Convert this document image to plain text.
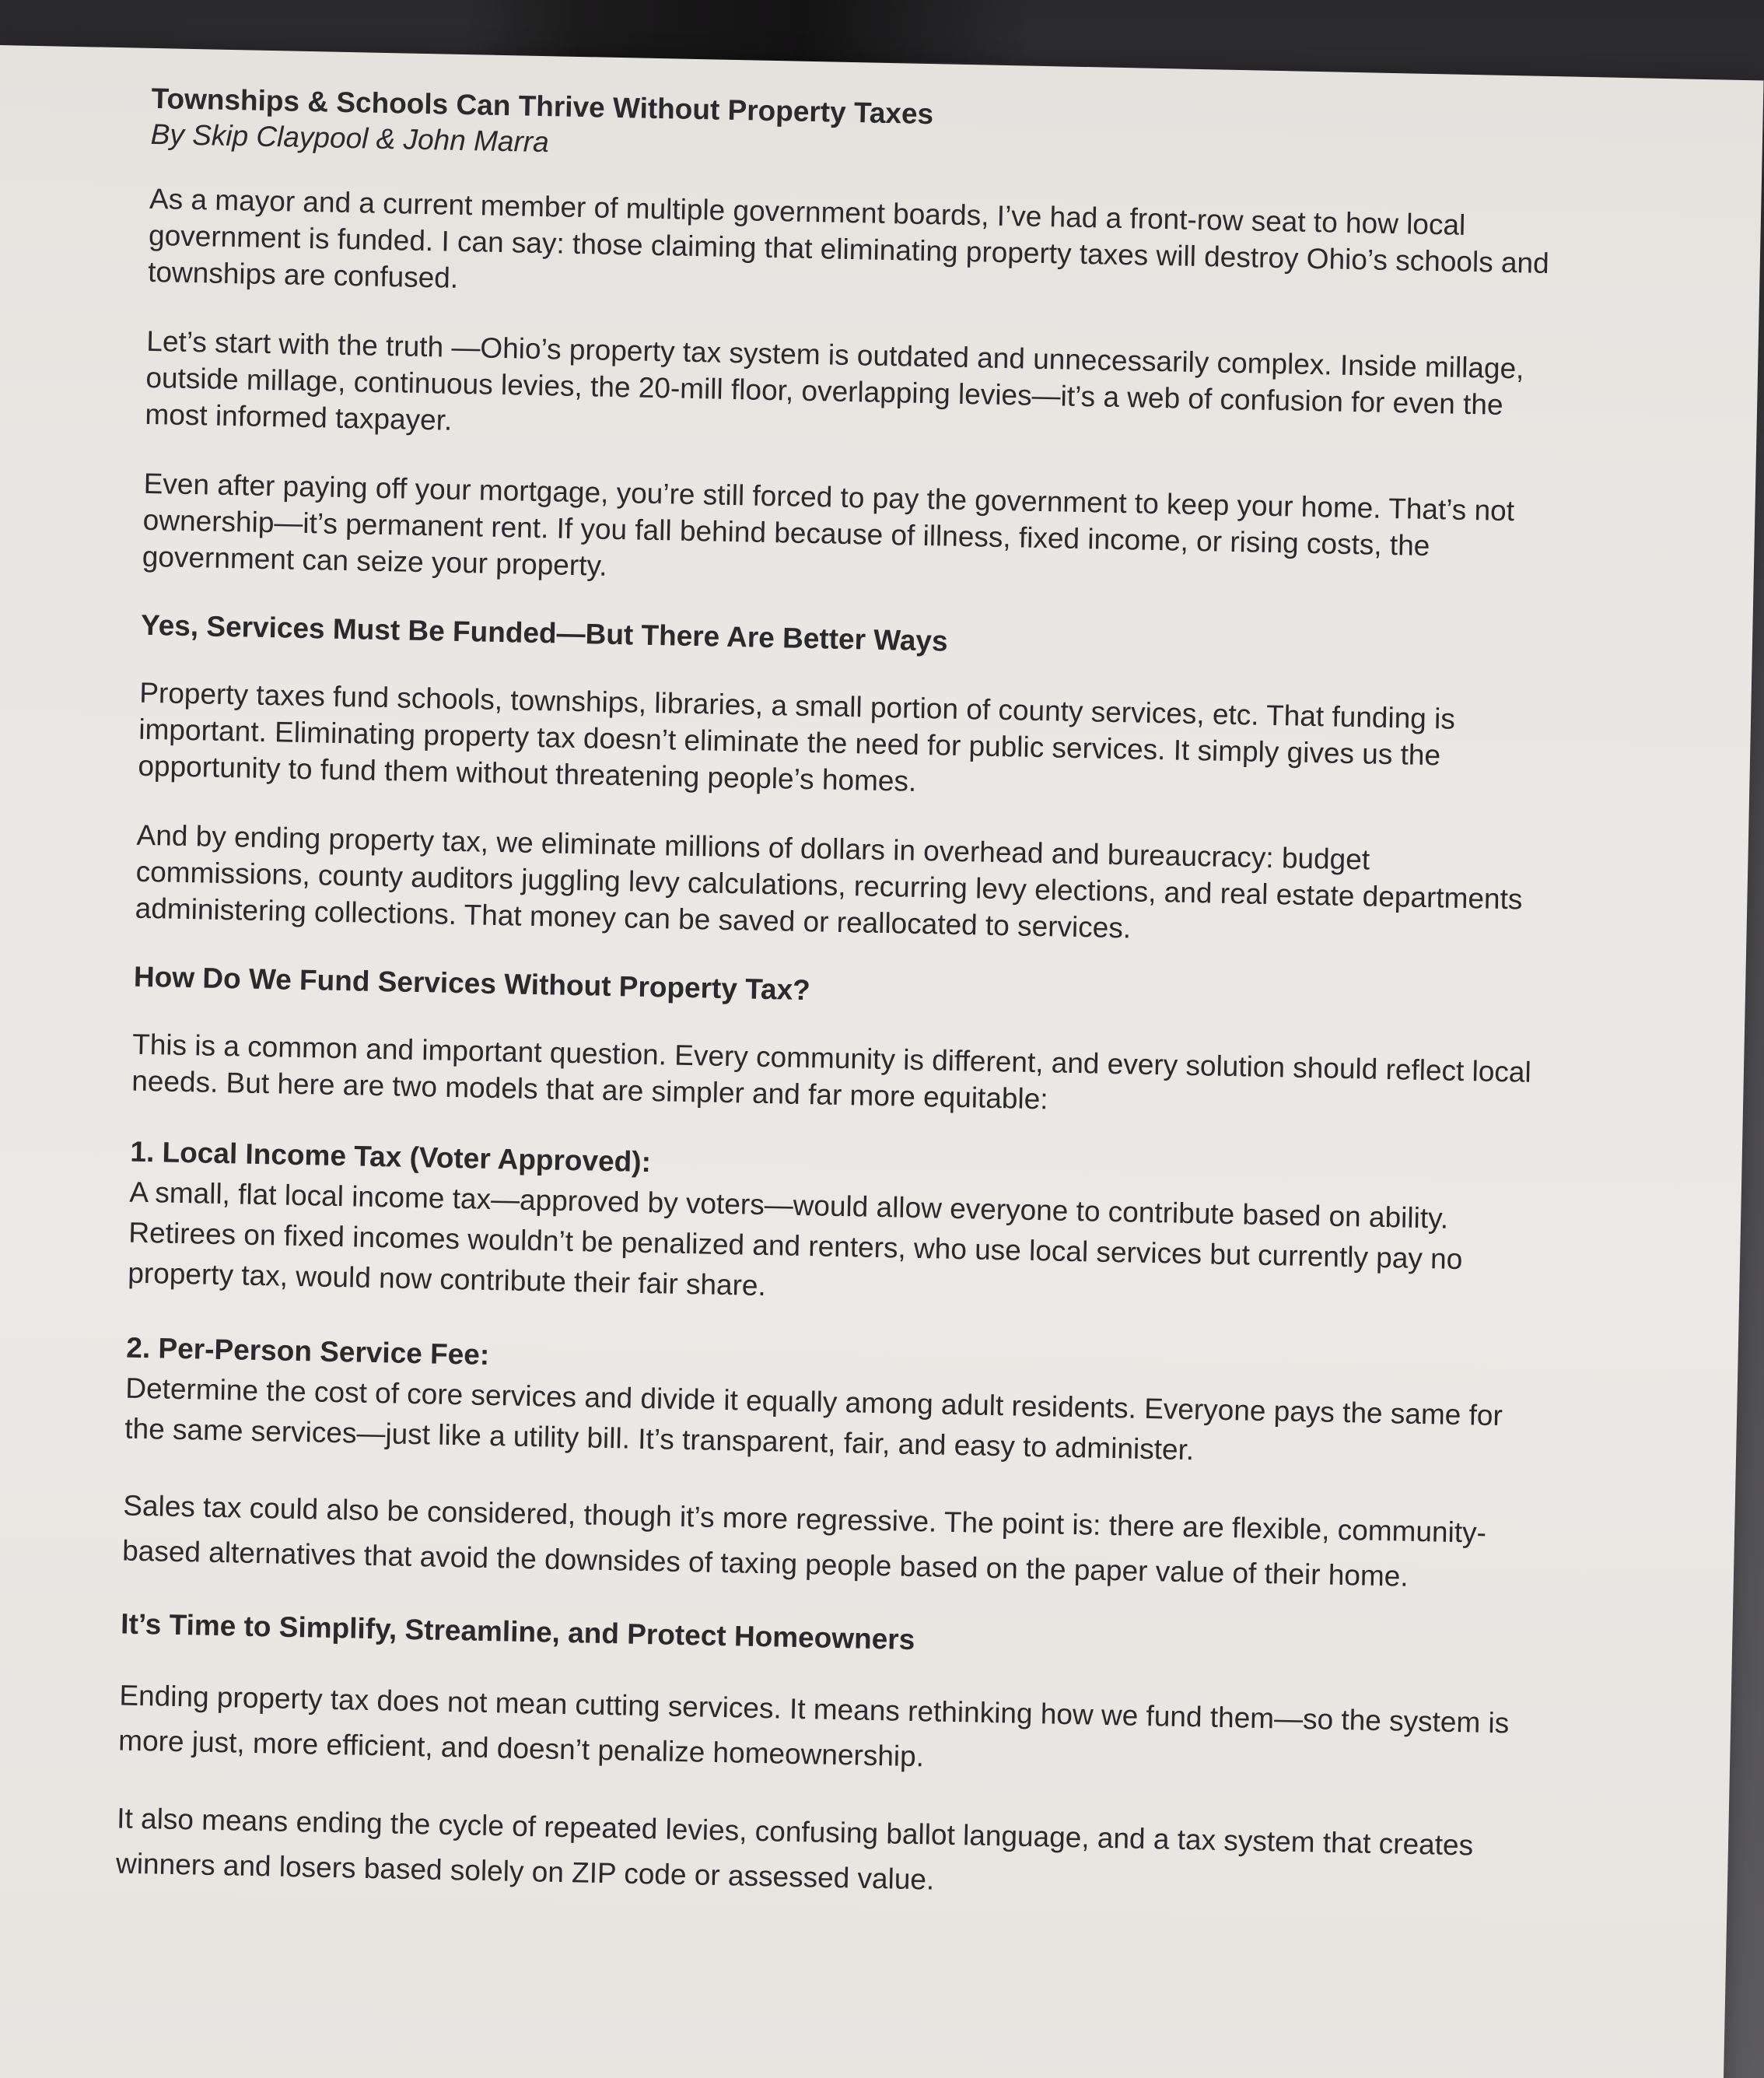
Townships & Schools Can Thrive Without Property Taxes
By Skip Claypool & John Marra

As a mayor and a current member of multiple government boards, I’ve had a front-row seat to how local government is funded. I can say: those claiming that eliminating property taxes will destroy Ohio’s schools and townships are confused.

Let’s start with the truth —Ohio’s property tax system is outdated and unnecessarily complex. Inside millage, outside millage, continuous levies, the 20-mill floor, overlapping levies—it’s a web of confusion for even the most informed taxpayer.

Even after paying off your mortgage, you’re still forced to pay the government to keep your home. That’s not ownership—it’s permanent rent. If you fall behind because of illness, fixed income, or rising costs, the government can seize your property.

Yes, Services Must Be Funded—But There Are Better Ways

Property taxes fund schools, townships, libraries, a small portion of county services, etc. That funding is important. Eliminating property tax doesn’t eliminate the need for public services. It simply gives us the opportunity to fund them without threatening people’s homes.

And by ending property tax, we eliminate millions of dollars in overhead and bureaucracy: budget commissions, county auditors juggling levy calculations, recurring levy elections, and real estate departments administering collections. That money can be saved or reallocated to services.

How Do We Fund Services Without Property Tax?

This is a common and important question. Every community is different, and every solution should reflect local needs. But here are two models that are simpler and far more equitable:

1. Local Income Tax (Voter Approved):

A small, flat local income tax—approved by voters—would allow everyone to contribute based on ability. Retirees on fixed incomes wouldn’t be penalized and renters, who use local services but currently pay no property tax, would now contribute their fair share.

2. Per-Person Service Fee:

Determine the cost of core services and divide it equally among adult residents. Everyone pays the same for the same services—just like a utility bill. It’s transparent, fair, and easy to administer.

Sales tax could also be considered, though it’s more regressive. The point is: there are flexible, community-based alternatives that avoid the downsides of taxing people based on the paper value of their home.

It’s Time to Simplify, Streamline, and Protect Homeowners

Ending property tax does not mean cutting services. It means rethinking how we fund them—so the system is more just, more efficient, and doesn’t penalize homeownership.

It also means ending the cycle of repeated levies, confusing ballot language, and a tax system that creates winners and losers based solely on ZIP code or assessed value.
